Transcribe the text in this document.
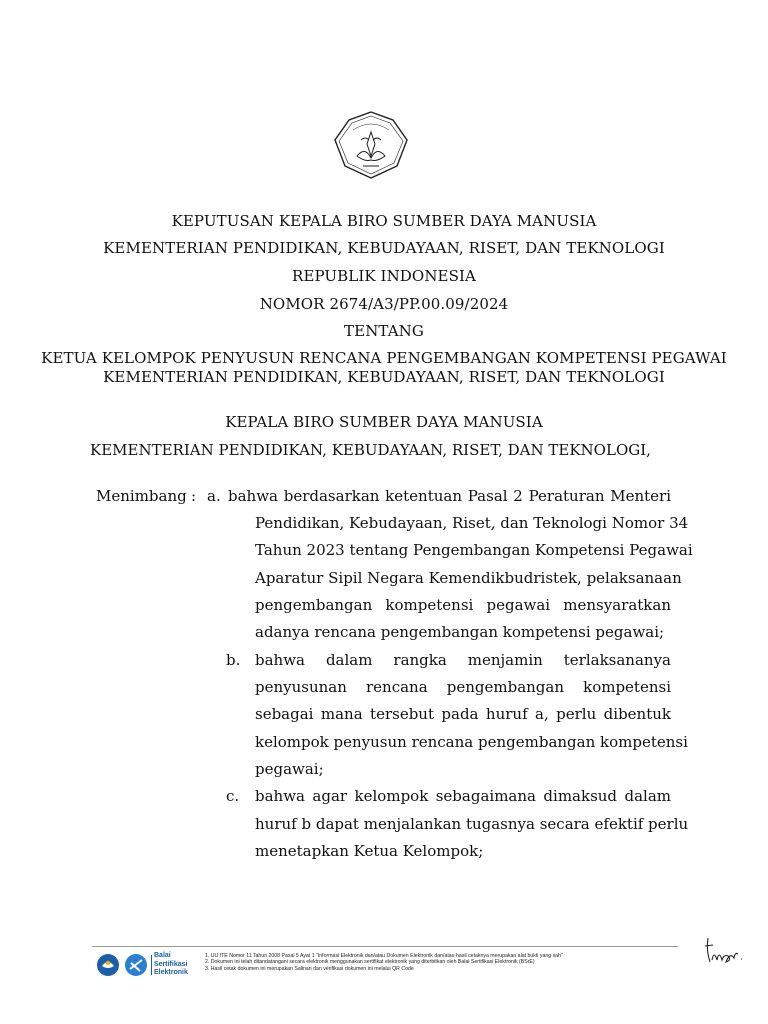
KEPUTUSAN KEPALA BIRO SUMBER DAYA MANUSIA
KEMENTERIAN PENDIDIKAN, KEBUDAYAAN, RISET, DAN TEKNOLOGI
REPUBLIK INDONESIA
NOMOR 2674/A3/PP.00.09/2024
TENTANG
KETUA KELOMPOK PENYUSUN RENCANA PENGEMBANGAN KOMPETENSI PEGAWAI
KEMENTERIAN PENDIDIKAN, KEBUDAYAAN, RISET, DAN TEKNOLOGI
KEPALA BIRO SUMBER DAYA MANUSIA
KEMENTERIAN PENDIDIKAN, KEBUDAYAAN, RISET, DAN TEKNOLOGI,
Menimbang : a. bahwa berdasarkan ketentuan Pasal 2 Peraturan Menteri
Pendidikan, Kebudayaan, Riset, dan Teknologi Nomor 34
Tahun 2023 tentang Pengembangan Kompetensi Pegawai
Aparatur Sipil Negara Kemendikbudristek, pelaksanaan
pengembangan kompetensi pegawai mensyaratkan
adanya rencana pengembangan kompetensi pegawai;
b. bahwa dalam rangka menjamin terlaksananya
penyusunan rencana pengembangan kompetensi
sebagai mana tersebut pada huruf a, perlu dibentuk
kelompok penyusun rencana pengembangan kompetensi
pegawai;
c. bahwa agar kelompok sebagaimana dimaksud dalam
huruf b dapat menjalankan tugasnya secara efektif perlu
menetapkan Ketua Kelompok;
Balai
Sertifikasi
Elektronik
1. UU ITE Nomor 11 Tahun 2008 Pasal 5 Ayat 1 "Informasi Elektronik dan/atau Dokumen Elektronik dan/atau hasil cetaknya merupakan alat bukti yang sah"
2. Dokumen ini telah ditandatangani secara elektronik menggunakan sertifikat elektronik yang diterbitkan oleh Balai Sertifikasi Elektronik (BSrE)
3. Hasil cetak dokumen ini merupakan Salinan dan verifikasi dokumen ini melalui QR Code
